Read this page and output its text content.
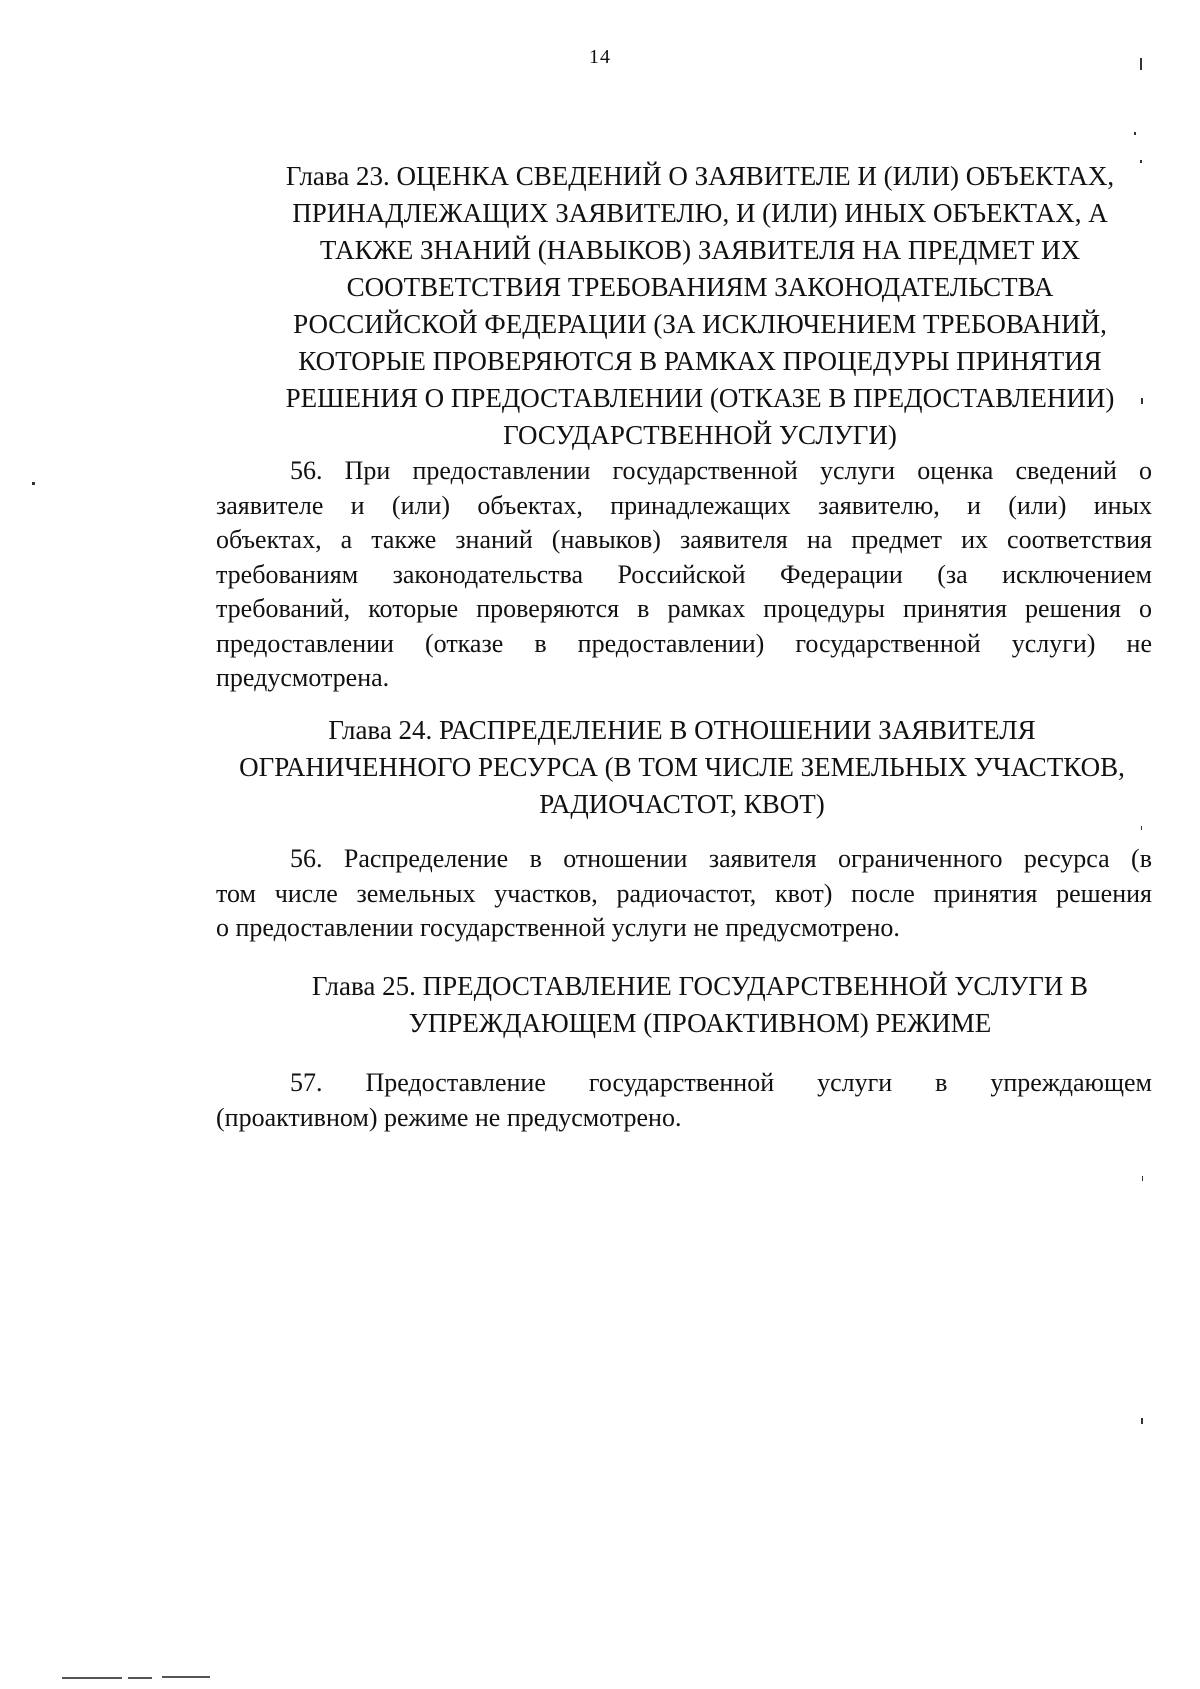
14
Глава 23. ОЦЕНКА СВЕДЕНИЙ О ЗАЯВИТЕЛЕ И (ИЛИ) ОБЪЕКТАХ,
ПРИНАДЛЕЖАЩИХ ЗАЯВИТЕЛЮ, И (ИЛИ) ИНЫХ ОБЪЕКТАХ, А
ТАКЖЕ ЗНАНИЙ (НАВЫКОВ) ЗАЯВИТЕЛЯ НА ПРЕДМЕТ ИХ
СООТВЕТСТВИЯ ТРЕБОВАНИЯМ ЗАКОНОДАТЕЛЬСТВА
РОССИЙСКОЙ ФЕДЕРАЦИИ (ЗА ИСКЛЮЧЕНИЕМ ТРЕБОВАНИЙ,
КОТОРЫЕ ПРОВЕРЯЮТСЯ В РАМКАХ ПРОЦЕДУРЫ ПРИНЯТИЯ
РЕШЕНИЯ О ПРЕДОСТАВЛЕНИИ (ОТКАЗЕ В ПРЕДОСТАВЛЕНИИ)
ГОСУДАРСТВЕННОЙ УСЛУГИ)

56. При предоставлении государственной услуги оценка сведений о
заявителе и (или) объектах, принадлежащих заявителю, и (или) иных
объектах, а также знаний (навыков) заявителя на предмет их соответствия
требованиям законодательства Российской Федерации (за исключением
требований, которые проверяются в рамках процедуры принятия решения о
предоставлении (отказе в предоставлении) государственной услуги) не
предусмотрена.

Глава 24. РАСПРЕДЕЛЕНИЕ В ОТНОШЕНИИ ЗАЯВИТЕЛЯ
ОГРАНИЧЕННОГО РЕСУРСА (В ТОМ ЧИСЛЕ ЗЕМЕЛЬНЫХ УЧАСТКОВ,
РАДИОЧАСТОТ, КВОТ)

56. Распределение в отношении заявителя ограниченного ресурса (в
том числе земельных участков, радиочастот, квот) после принятия решения
о предоставлении государственной услуги не предусмотрено.

Глава 25. ПРЕДОСТАВЛЕНИЕ ГОСУДАРСТВЕННОЙ УСЛУГИ В
УПРЕЖДАЮЩЕМ (ПРОАКТИВНОМ) РЕЖИМЕ

57. Предоставление государственной услуги в упреждающем
(проактивном) режиме не предусмотрено.
